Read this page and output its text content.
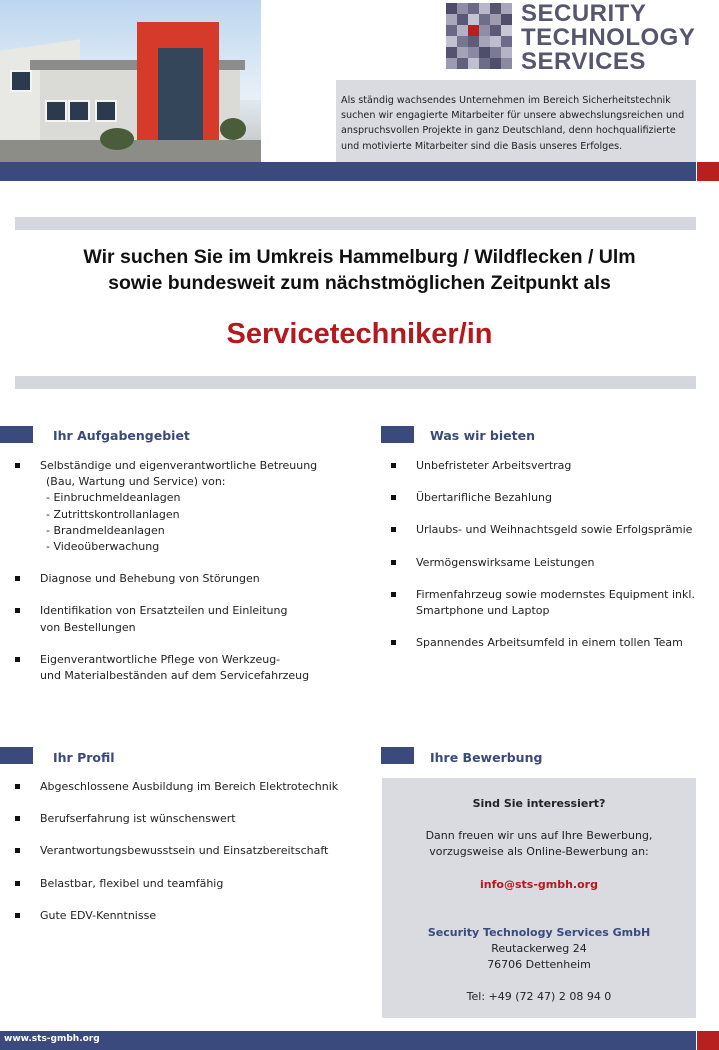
SECURITY
TECHNOLOGY
SERVICES
Als ständig wachsendes Unternehmen im Bereich Sicherheitstechnik suchen wir engagierte Mitarbeiter für unsere abwechslungsreichen und anspruchsvollen Projekte in ganz Deutschland, denn hochqualifizierte und motivierte Mitarbeiter sind die Basis unseres Erfolges.
Wir suchen Sie im Umkreis Hammelburg / Wildflecken / Ulm
sowie bundesweit zum nächstmöglichen Zeitpunkt als
Servicetechniker/in
Ihr Aufgabengebiet
Selbständige und eigenverantwortliche Betreuung
(Bau, Wartung und Service) von:
- Einbruchmeldeanlagen
- Zutrittskontrollanlagen
- Brandmeldeanlagen
- Videoüberwachung
Diagnose und Behebung von Störungen
Identifikation von Ersatzteilen und Einleitung
von Bestellungen
Eigenverantwortliche Pflege von Werkzeug-
und Materialbeständen auf dem Servicefahrzeug
Was wir bieten
Unbefristeter Arbeitsvertrag
Übertarifliche Bezahlung
Urlaubs- und Weihnachtsgeld sowie Erfolgsprämie
Vermögenswirksame Leistungen
Firmenfahrzeug sowie modernstes Equipment inkl.
Smartphone und Laptop
Spannendes Arbeitsumfeld in einem tollen Team
Ihr Profil
Abgeschlossene Ausbildung im Bereich Elektrotechnik
Berufserfahrung ist wünschenswert
Verantwortungsbewusstsein und Einsatzbereitschaft
Belastbar, flexibel und teamfähig
Gute EDV-Kenntnisse
Ihre Bewerbung
Sind Sie interessiert?
Dann freuen wir uns auf Ihre Bewerbung,
vorzugsweise als Online-Bewerbung an:
info@sts-gmbh.org
Security Technology Services GmbH
Reutackerweg 24
76706 Dettenheim
Tel: +49 (72 47) 2 08 94 0
www.sts-gmbh.org
